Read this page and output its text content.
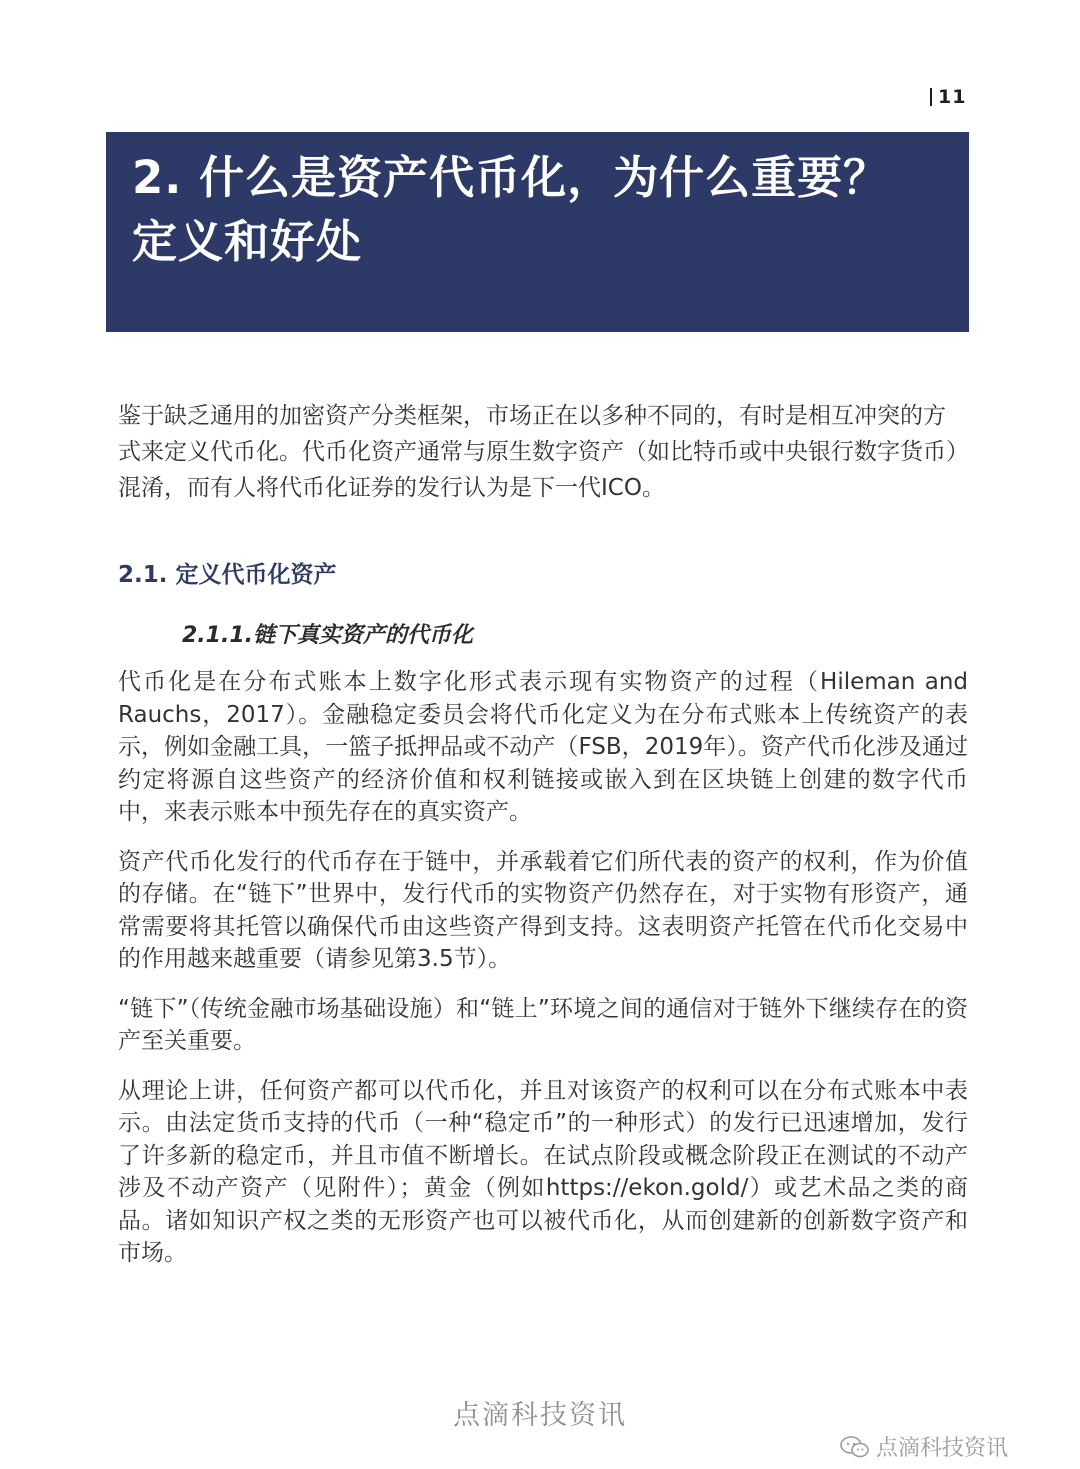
11
2. 什么是资产代币化，为什么重要？
定义和好处

鉴于缺乏通用的加密资产分类框架，市场正在以多种不同的，有时是相互冲突的方式来定义代币化。代币化资产通常与原生数字资产（如比特币或中央银行数字货币）混淆，而有人将代币化证券的发行认为是下一代ICO。

2.1. 定义代币化资产
2.1.1.链下真实资产的代币化

代币化是在分布式账本上数字化形式表示现有实物资产的过程（Hileman and Rauchs，2017）。金融稳定委员会将代币化定义为在分布式账本上传统资产的表示，例如金融工具，一篮子抵押品或不动产（FSB，2019年）。资产代币化涉及通过约定将源自这些资产的经济价值和权利链接或嵌入到在区块链上创建的数字代币中，来表示账本中预先存在的真实资产。

资产代币化发行的代币存在于链中，并承载着它们所代表的资产的权利，作为价值的存储。在“链下”世界中，发行代币的实物资产仍然存在，对于实物有形资产，通常需要将其托管以确保代币由这些资产得到支持。这表明资产托管在代币化交易中的作用越来越重要（请参见第3.5节）。

“链下”（传统金融市场基础设施）和“链上”环境之间的通信对于链外下继续存在的资产至关重要。

从理论上讲，任何资产都可以代币化，并且对该资产的权利可以在分布式账本中表示。由法定货币支持的代币（一种“稳定币”的一种形式）的发行已迅速增加，发行了许多新的稳定币，并且市值不断增长。在试点阶段或概念阶段正在测试的不动产涉及不动产资产（见附件）；黄金（例如https://ekon.gold/）或艺术品之类的商品。诸如知识产权之类的无形资产也可以被代币化，从而创建新的创新数字资产和市场。

点滴科技资讯
点滴科技资讯
